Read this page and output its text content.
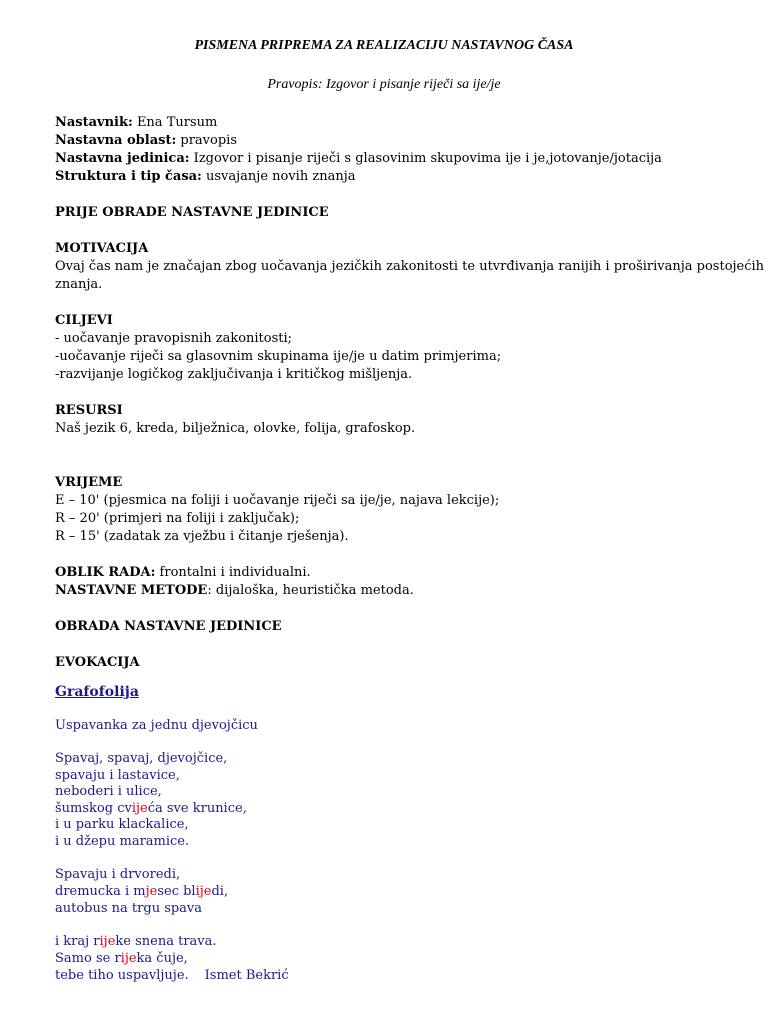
PISMENA PRIPREMA ZA REALIZACIJU NASTAVNOG ČASA
Pravopis: Izgovor i pisanje riječi sa ije/je
Nastavnik: Ena Tursum
Nastavna oblast: pravopis
Nastavna jedinica: Izgovor i pisanje riječi s glasovinim skupovima ije i je,jotovanje/jotacija
Struktura i tip časa: usvajanje novih znanja
PRIJE OBRADE NASTAVNE JEDINICE
MOTIVACIJA
Ovaj čas nam je značajan zbog uočavanja jezičkih zakonitosti te utvrđivanja ranijih i proširivanja postojećih
znanja.
CILJEVI
- uočavanje pravopisnih zakonitosti;
-uočavanje riječi sa glasovnim skupinama ije/je u datim primjerima;
-razvijanje logičkog zaključivanja i kritičkog mišljenja.
RESURSI
Naš jezik 6, kreda, bilježnica, olovke, folija, grafoskop.
VRIJEME
E – 10' (pjesmica na foliji i uočavanje riječi sa ije/je, najava lekcije);
R – 20' (primjeri na foliji i zaključak);
R – 15' (zadatak za vježbu i čitanje rješenja).
OBLIK RADA: frontalni i individualni.
NASTAVNE METODE: dijaloška, heuristička metoda.
OBRADA NASTAVNE JEDINICE
EVOKACIJA
Grafofolija
Uspavanka za jednu djevojčicu
Spavaj, spavaj, djevojčice,
spavaju i lastavice,
neboderi i ulice,
šumskog cvijeća sve krunice,
i u parku klackalice,
i u džepu maramice.
Spavaju i drvoredi,
dremucka i mjesec blijedi,
autobus na trgu spava
i kraj rijeke snena trava.
Samo se rijeka čuje,
tebe tiho uspavljuje. Ismet Bekrić
